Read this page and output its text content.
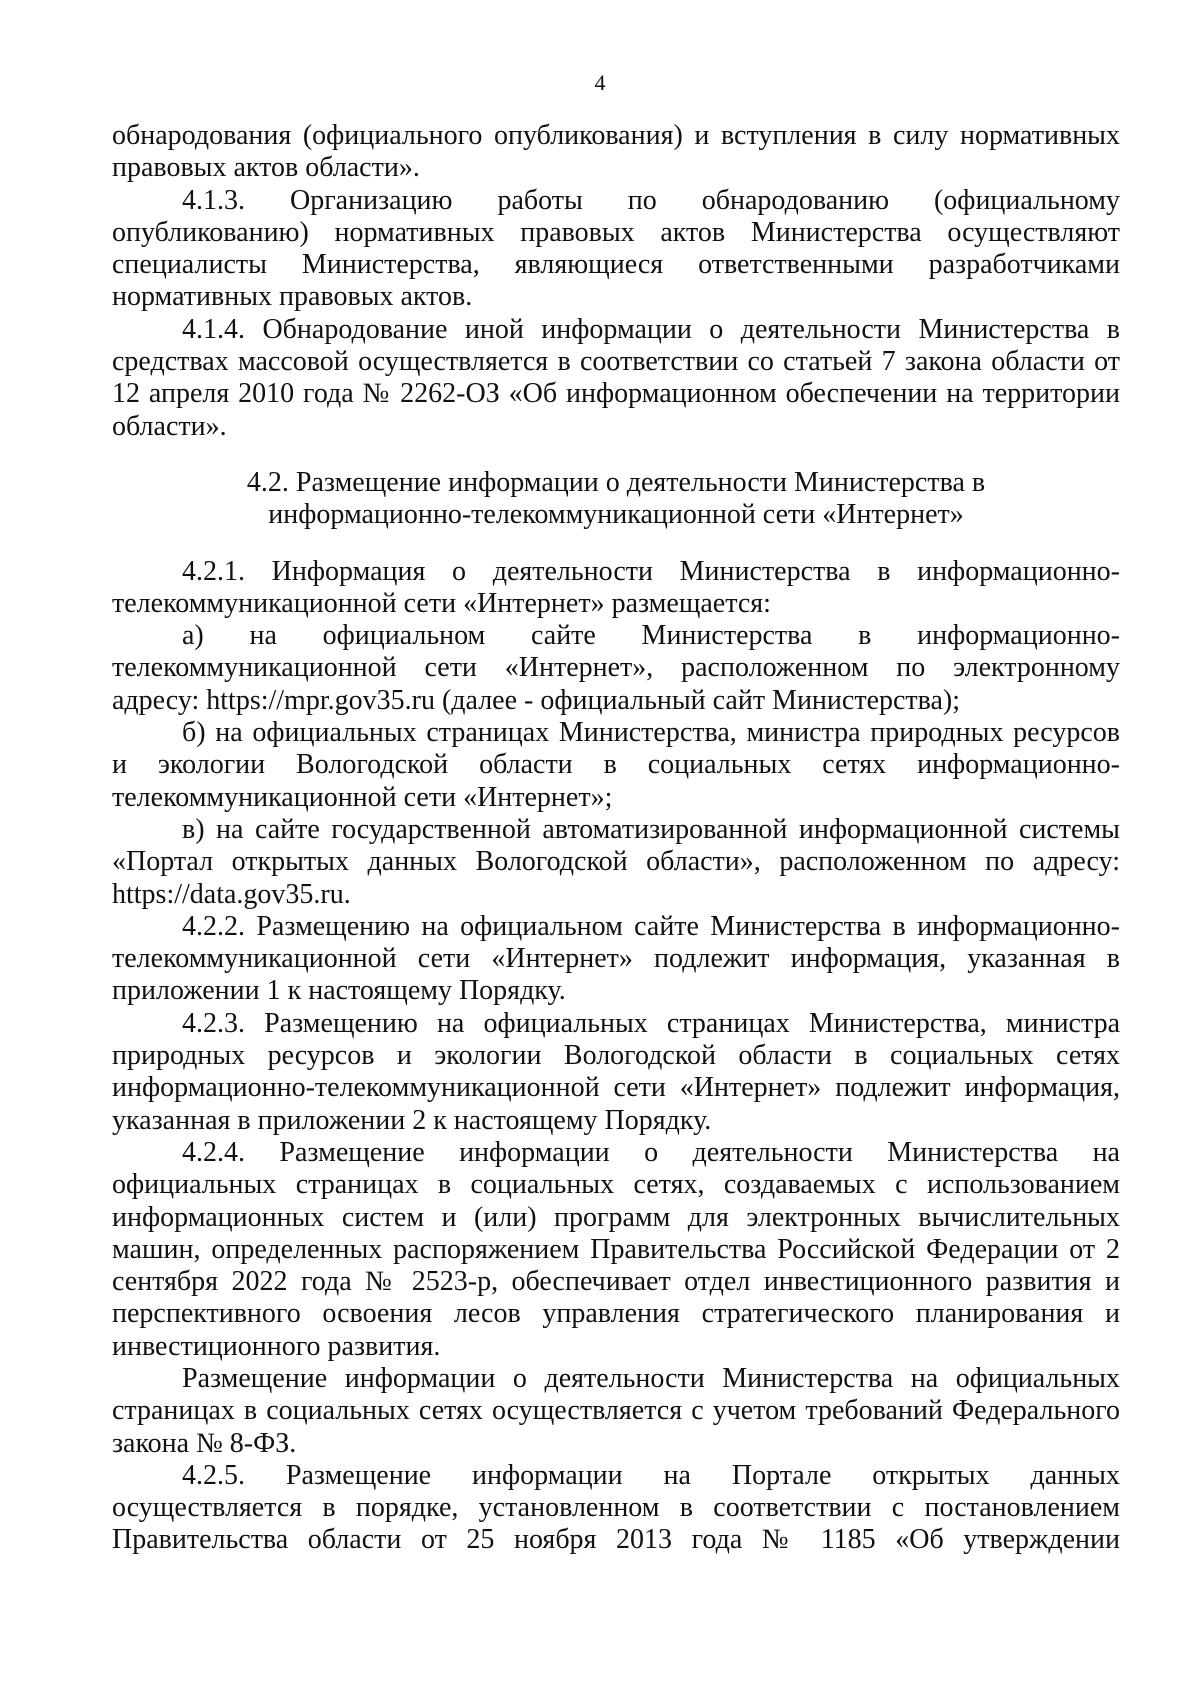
4
обнародования (официального опубликования) и вступления в силу нормативных
правовых актов области».
4.1.3. Организацию работы по обнародованию (официальному
опубликованию) нормативных правовых актов Министерства осуществляют
специалисты Министерства, являющиеся ответственными разработчиками
нормативных правовых актов.
4.1.4. Обнародование иной информации о деятельности Министерства в
средствах массовой осуществляется в соответствии со статьей 7 закона области от
12 апреля 2010 года № 2262-ОЗ «Об информационном обеспечении на территории
области».
4.2. Размещение информации о деятельности Министерства в
информационно-телекоммуникационной сети «Интернет»
4.2.1. Информация о деятельности Министерства в информационно-
телекоммуникационной сети «Интернет» размещается:
а) на официальном сайте Министерства в информационно-
телекоммуникационной сети «Интернет», расположенном по электронному
адресу: https://mpr.gov35.ru (далее - официальный сайт Министерства);
б) на официальных страницах Министерства, министра природных ресурсов
и экологии Вологодской области в социальных сетях информационно-
телекоммуникационной сети «Интернет»;
в) на сайте государственной автоматизированной информационной системы
«Портал открытых данных Вологодской области», расположенном по адресу:
https://data.gov35.ru.
4.2.2. Размещению на официальном сайте Министерства в информационно-
телекоммуникационной сети «Интернет» подлежит информация, указанная в
приложении 1 к настоящему Порядку.
4.2.3. Размещению на официальных страницах Министерства, министра
природных ресурсов и экологии Вологодской области в социальных сетях
информационно-телекоммуникационной сети «Интернет» подлежит информация,
указанная в приложении 2 к настоящему Порядку.
4.2.4. Размещение информации о деятельности Министерства на
официальных страницах в социальных сетях, создаваемых с использованием
информационных систем и (или) программ для электронных вычислительных
машин, определенных распоряжением Правительства Российской Федерации от 2
сентября 2022 года № 2523-р, обеспечивает отдел инвестиционного развития и
перспективного освоения лесов управления стратегического планирования и
инвестиционного развития.
Размещение информации о деятельности Министерства на официальных
страницах в социальных сетях осуществляется с учетом требований Федерального
закона № 8-ФЗ.
4.2.5. Размещение информации на Портале открытых данных
осуществляется в порядке, установленном в соответствии с постановлением
Правительства области от 25 ноября 2013 года № 1185 «Об утверждении
